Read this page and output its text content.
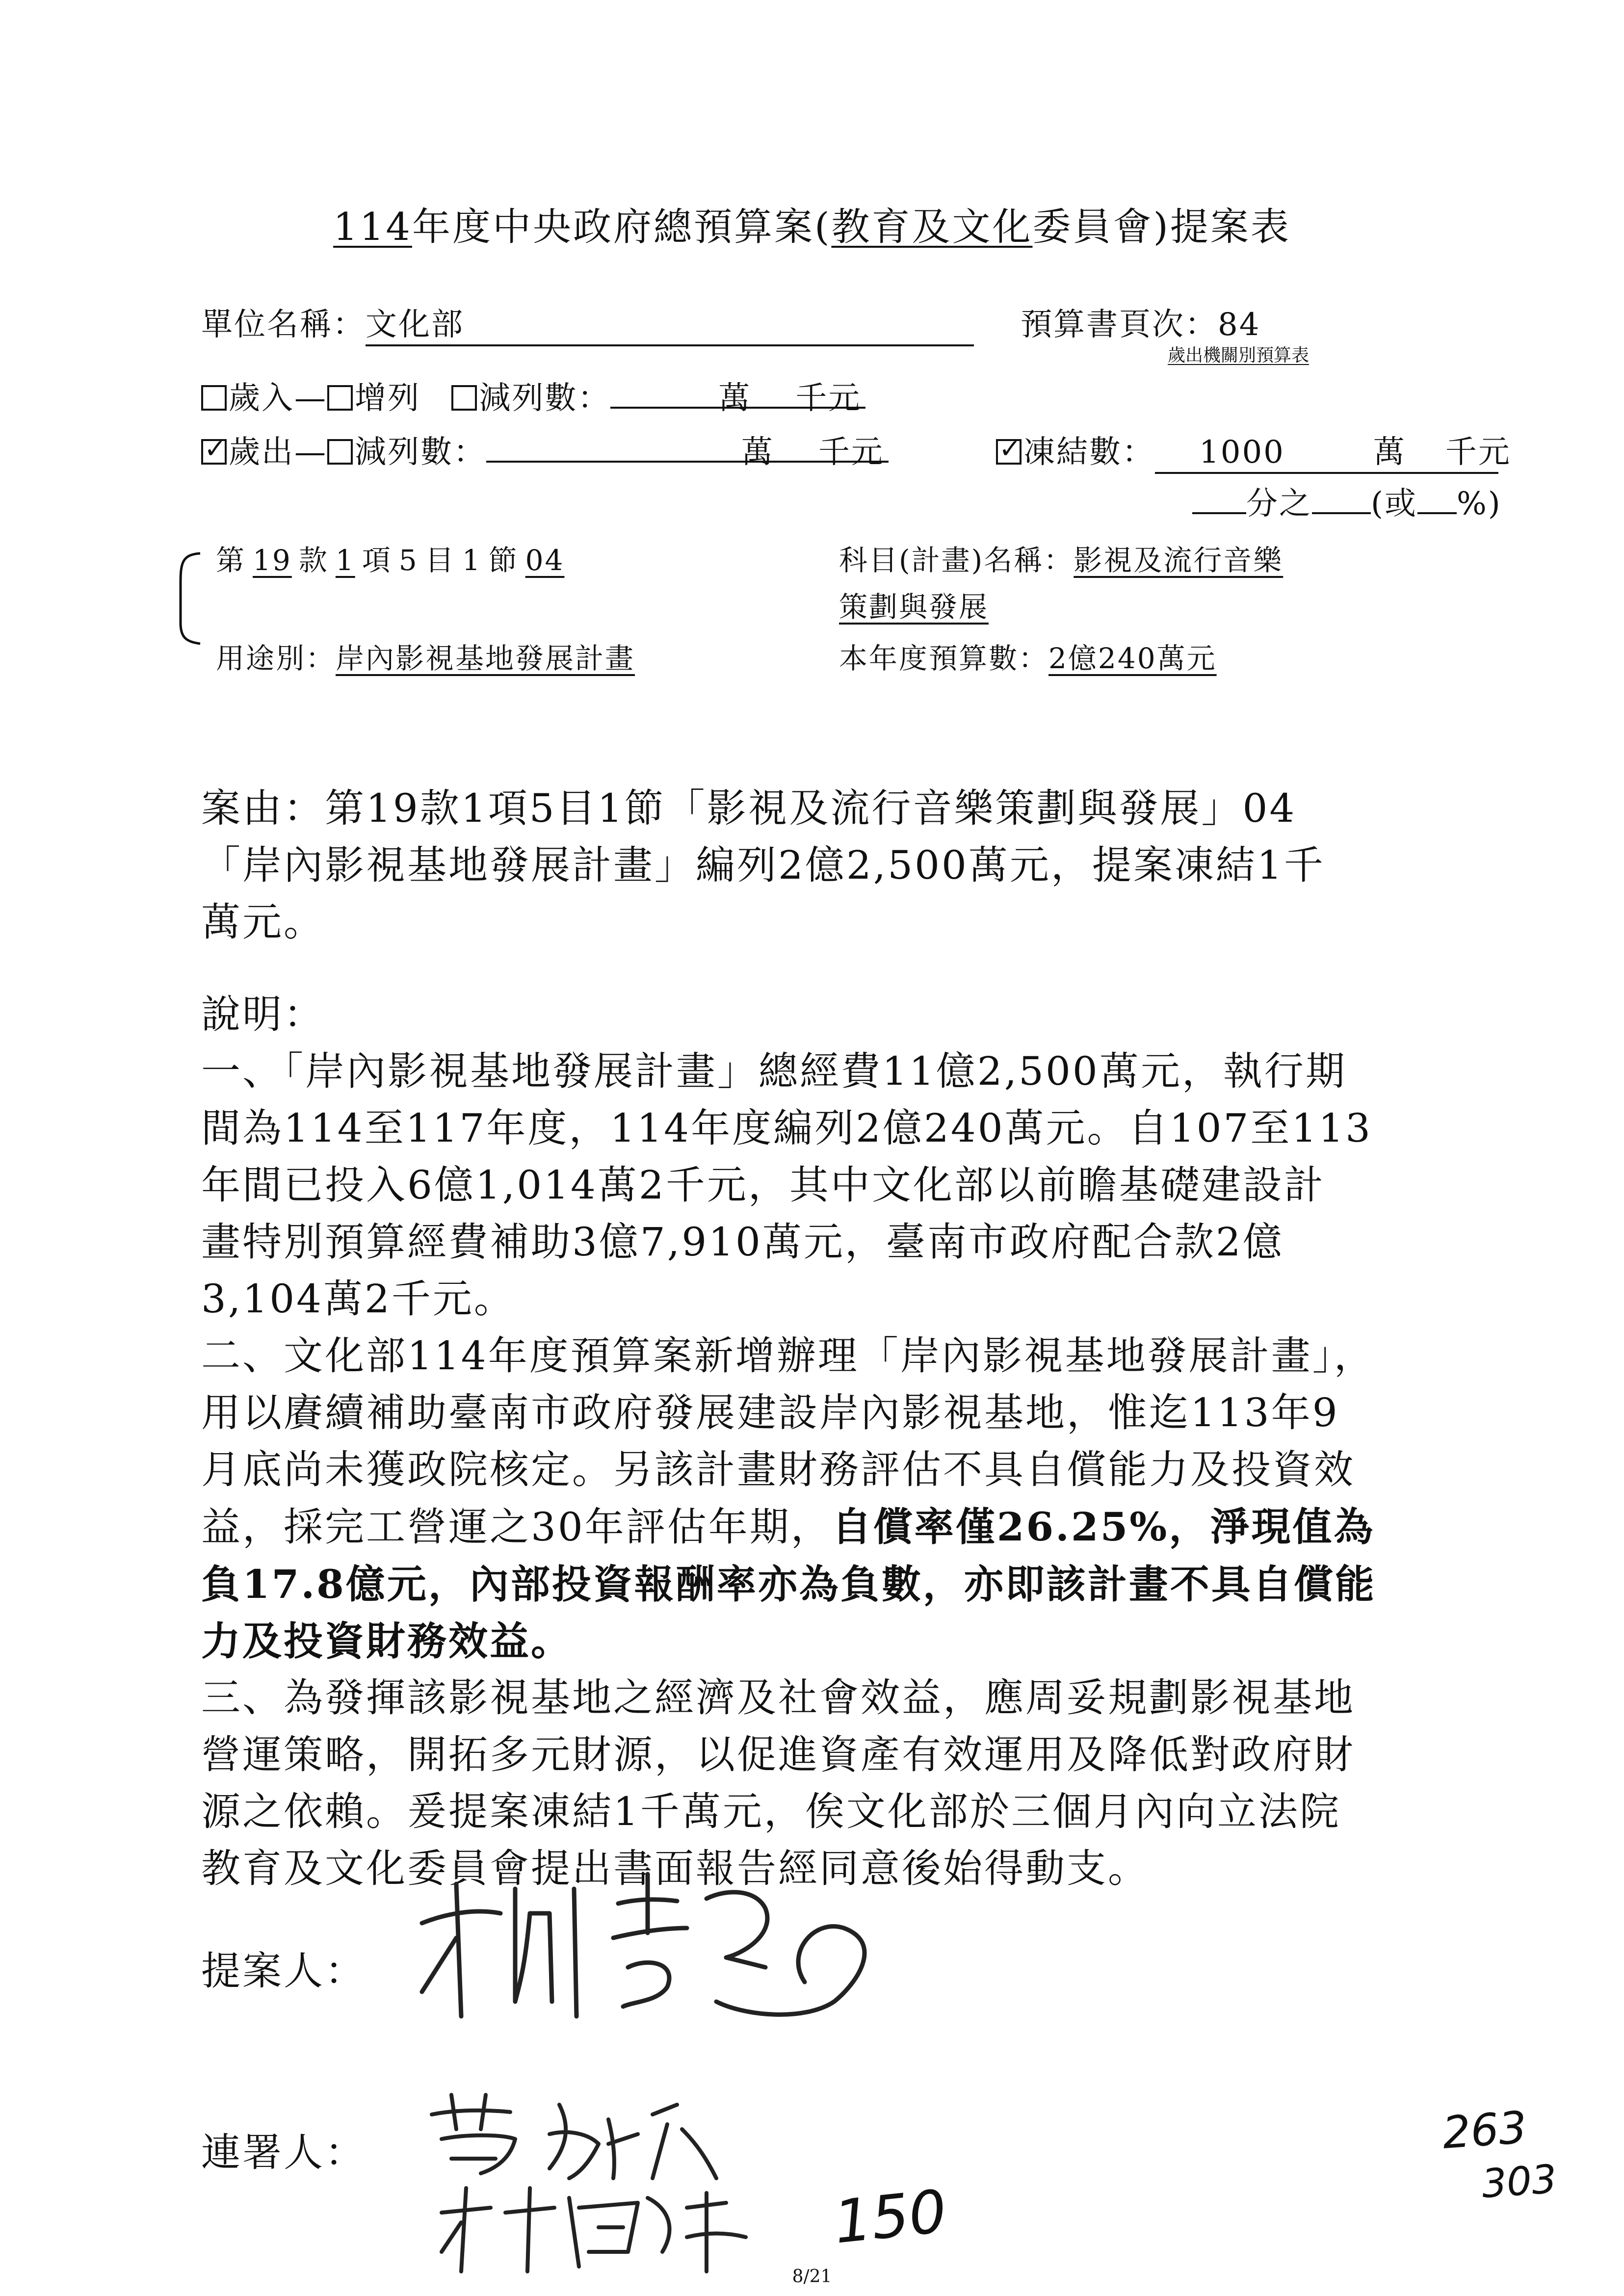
114年度中央政府總預算案(教育及文化委員會)提案表
單位名稱：文化部	預算書頁次：84
歲出機關別預算表
歲入— 增列 減列數：	萬 千元
✓歲出— 減列數：	萬 千元
✓	凍結數： 1000	萬 千元
分之 (或 %)
第 19 款 1 項 5 目 1 節 04	科目(計畫)名稱：影視及流行音樂
策劃與發展
用途別：岸內影視基地發展計畫	本年度預算數：2億240萬元
案由：第19款1項5目1節「影視及流行音樂策劃與發展」04
「岸內影視基地發展計畫」編列2億2,500萬元，提案凍結1千
萬元。
說明：
一、「岸內影視基地發展計畫」總經費11億2,500萬元，執行期
間為114至117年度，114年度編列2億240萬元。自107至113
年間已投入6億1,014萬2千元，其中文化部以前瞻基礎建設計
畫特別預算經費補助3億7,910萬元，臺南市政府配合款2億
3,104萬2千元。
二、文化部114年度預算案新增辦理「岸內影視基地發展計畫」，
用以賡續補助臺南市政府發展建設岸內影視基地，惟迄113年9
月底尚未獲政院核定。另該計畫財務評估不具自償能力及投資效
益，採完工營運之30年評估年期，自償率僅26.25%，淨現值為
負17.8億元，內部投資報酬率亦為負數，亦即該計畫不具自償能
力及投資財務效益。
三、為發揮該影視基地之經濟及社會效益，應周妥規劃影視基地
營運策略，開拓多元財源，以促進資產有效運用及降低對政府財
源之依賴。爰提案凍結1千萬元，俟文化部於三個月內向立法院
教育及文化委員會提出書面報告經同意後始得動支。
提案人：
連署人：
150
263
303
8/21
